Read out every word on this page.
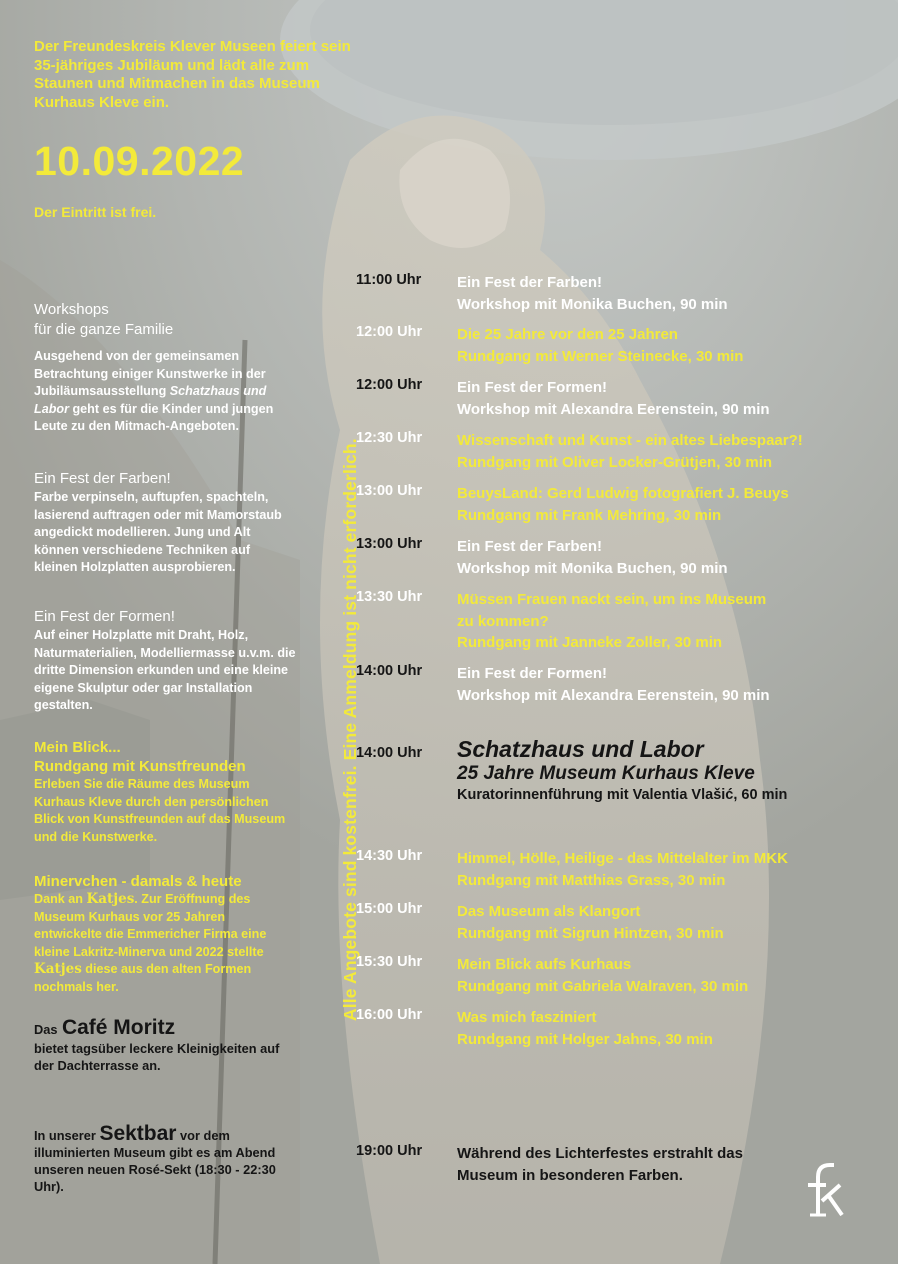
Der Freundeskreis Klever Museen feiert sein 35-jähriges Jubiläum und lädt alle zum Staunen und Mitmachen in das Museum Kurhaus Kleve ein.
10.09.2022
Der Eintritt ist frei.
Workshops
für die ganze Familie
Ausgehend von der gemeinsamen Betrachtung einiger Kunstwerke in der Jubiläumsausstellung Schatzhaus und Labor geht es für die Kinder und jungen Leute zu den Mitmach-Angeboten.
Ein Fest der Farben!
Farbe verpinseln, auftupfen, spachteln, lasierend auftragen oder mit Mamorstaub angedickt modellieren. Jung und Alt können verschiedene Techniken auf kleinen Holzplatten ausprobieren.
Ein Fest der Formen!
Auf einer Holzplatte mit Draht, Holz, Naturmaterialien, Modelliermasse u.v.m. die dritte Dimension erkunden und eine kleine eigene Skulptur oder gar Installation gestalten.
Mein Blick...
Rundgang mit Kunstfreunden
Erleben Sie die Räume des Museum Kurhaus Kleve durch den persönlichen Blick von Kunstfreunden auf das Museum und die Kunstwerke.
Minervchen - damals & heute
Dank an Katjes. Zur Eröffnung des Museum Kurhaus vor 25 Jahren entwickelte die Emmericher Firma eine kleine Lakritz-Minerva und 2022 stellte Katjes diese aus den alten Formen nochmals her.
Das Café Moritz
bietet tagsüber leckere Kleinigkeiten auf der Dachterrasse an.
In unserer Sektbar vor dem
illuminierten Museum gibt es am Abend unseren neuen Rosé-Sekt (18:30 - 22:30 Uhr).
Alle Angebote sind kostenfrei. Eine Anmeldung ist nicht erforderlich.
11:00 Uhr Ein Fest der Farben!
Workshop mit Monika Buchen, 90 min
12:00 Uhr Die 25 Jahre vor den 25 Jahren
Rundgang mit Werner Steinecke, 30 min
12:00 Uhr Ein Fest der Formen!
Workshop mit Alexandra Eerenstein, 90 min
12:30 Uhr Wissenschaft und Kunst - ein altes Liebespaar?!
Rundgang mit Oliver Locker-Grütjen, 30 min
13:00 Uhr BeuysLand: Gerd Ludwig fotografiert J. Beuys
Rundgang mit Frank Mehring, 30 min
13:00 Uhr Ein Fest der Farben!
Workshop mit Monika Buchen, 90 min
13:30 Uhr Müssen Frauen nackt sein, um ins Museum
zu kommen?
Rundgang mit Janneke Zoller, 30 min
14:00 Uhr Ein Fest der Formen!
Workshop mit Alexandra Eerenstein, 90 min
14:00 Uhr Schatzhaus und Labor
25 Jahre Museum Kurhaus Kleve
Kuratorinnenführung mit Valentia Vlašić, 60 min
14:30 Uhr Himmel, Hölle, Heilige - das Mittelalter im MKK
Rundgang mit Matthias Grass, 30 min
15:00 Uhr Das Museum als Klangort
Rundgang mit Sigrun Hintzen, 30 min
15:30 Uhr Mein Blick aufs Kurhaus
Rundgang mit Gabriela Walraven, 30 min
16:00 Uhr Was mich fasziniert
Rundgang mit Holger Jahns, 30 min
19:00 Uhr Während des Lichterfestes erstrahlt das
Museum in besonderen Farben.
